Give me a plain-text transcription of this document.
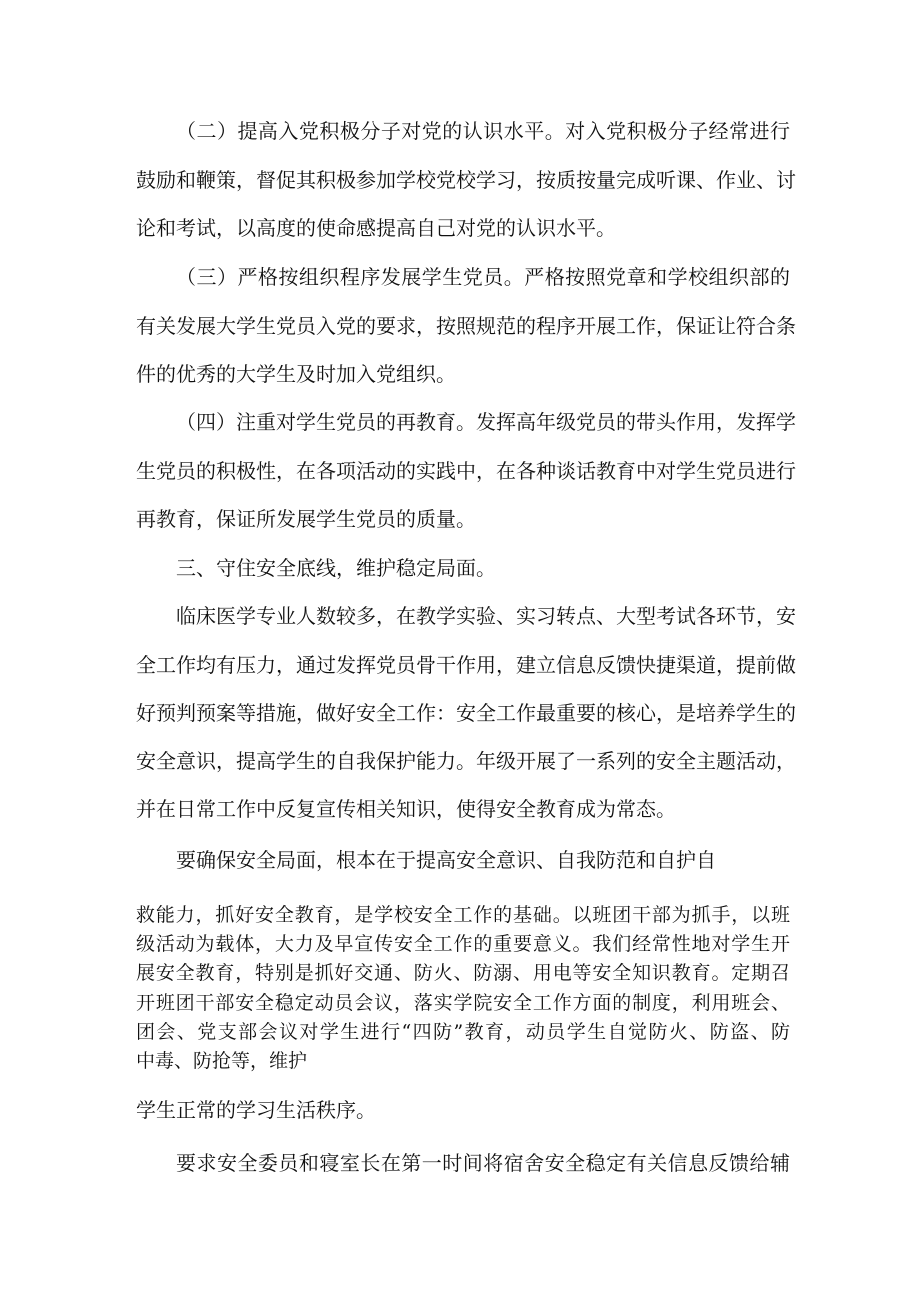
（二）提高入党积极分子对党的认识水平。对入党积极分子经常进行
鼓励和鞭策，督促其积极参加学校党校学习，按质按量完成听课、作业、讨
论和考试，以高度的使命感提高自己对党的认识水平。
（三）严格按组织程序发展学生党员。严格按照党章和学校组织部的
有关发展大学生党员入党的要求，按照规范的程序开展工作，保证让符合条
件的优秀的大学生及时加入党组织。
（四）注重对学生党员的再教育。发挥高年级党员的带头作用，发挥学
生党员的积极性，在各项活动的实践中，在各种谈话教育中对学生党员进行
再教育，保证所发展学生党员的质量。
三、守住安全底线，维护稳定局面。
临床医学专业人数较多，在教学实验、实习转点、大型考试各环节，安
全工作均有压力，通过发挥党员骨干作用，建立信息反馈快捷渠道，提前做
好预判预案等措施，做好安全工作：安全工作最重要的核心，是培养学生的
安全意识，提高学生的自我保护能力。年级开展了一系列的安全主题活动，
并在日常工作中反复宣传相关知识，使得安全教育成为常态。
要确保安全局面，根本在于提高安全意识、自我防范和自护自
救能力，抓好安全教育，是学校安全工作的基础。以班团干部为抓手，以班
级活动为载体，大力及早宣传安全工作的重要意义。我们经常性地对学生开
展安全教育，特别是抓好交通、防火、防溺、用电等安全知识教育。定期召
开班团干部安全稳定动员会议，落实学院安全工作方面的制度，利用班会、
团会、党支部会议对学生进行“四防”教育，动员学生自觉防火、防盗、防
中毒、防抢等，维护
学生正常的学习生活秩序。
要求安全委员和寝室长在第一时间将宿舍安全稳定有关信息反馈给辅
